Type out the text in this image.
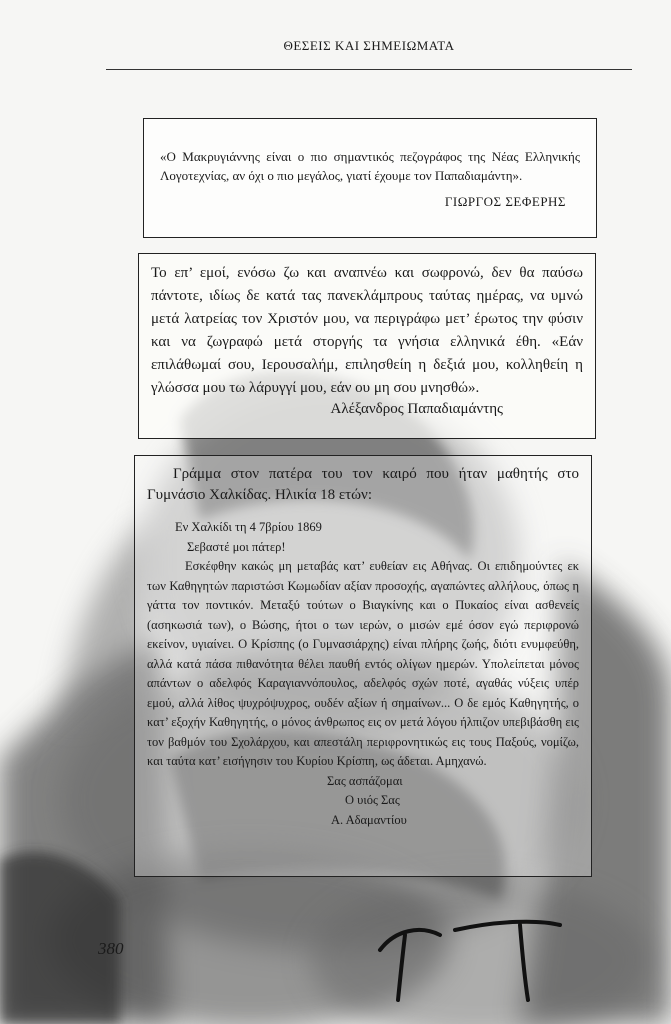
ΘΕΣΕΙΣ ΚΑΙ ΣΗΜΕΙΩΜΑΤΑ
«Ο Μακρυγιάννης είναι ο πιο σημαντικός πεζογράφος της Νέας Ελληνικής Λογοτεχνίας, αν όχι ο πιο μεγάλος, γιατί έχουμε τον Παπαδιαμάντη».
ΓΙΩΡΓΟΣ ΣΕΦΕΡΗΣ
Το επ’ εμοί, ενόσω ζω και αναπνέω και σωφρονώ, δεν θα παύσω πάντοτε, ιδίως δε κατά τας πανεκλάμπρους ταύτας ημέρας, να υμνώ μετά λατρείας τον Χριστόν μου, να περιγράφω μετ’ έρωτος την φύσιν και να ζωγραφώ μετά στοργής τα γνήσια ελληνικά έθη. «Εάν επιλάθωμαί σου, Ιερουσαλήμ, επιλησθείη η δεξιά μου, κολληθείη η γλώσσα μου τω λάρυγγί μου, εάν ου μη σου μνησθώ».
Αλέξανδρος Παπαδιαμάντης
Γράμμα στον πατέρα του τον καιρό που ήταν μαθητής στο Γυμνάσιο Χαλκίδας. Ηλικία 18 ετών:
Εν Χαλκίδι τη 4 7βρίου 1869
Σεβαστέ μοι πάτερ!
Εσκέφθην κακώς μη μεταβάς κατ’ ευθείαν εις Αθήνας. Οι επιδημούντες εκ των Καθηγητών παριστώσι Κωμωδίαν αξίαν προσοχής, αγαπώντες αλλήλους, όπως η γάττα τον ποντικόν. Μεταξύ τούτων ο Βιαγκίνης και ο Πυκαίος είναι ασθενείς (ασηκωσιά των), ο Βώσης, ήτοι ο των ιερών, ο μισών εμέ όσον εγώ περιφρονώ εκείνον, υγιαίνει. Ο Κρίσπης (ο Γυμνασιάρχης) είναι πλήρης ζωής, διότι ενυμφεύθη, αλλά κατά πάσα πιθανότητα θέλει παυθή εντός ολίγων ημερών. Υπολείπεται μόνος απάντων ο αδελφός Καραγιαννόπουλος, αδελφός σχών ποτέ, αγαθάς νύξεις υπέρ εμού, αλλά λίθος ψυχρόψυχρος, ουδέν αξίων ή σημαίνων... Ο δε εμός Καθηγητής, ο κατ’ εξοχήν Καθηγητής, ο μόνος άνθρωπος εις ον μετά λόγου ήλπιζον υπεβιβάσθη εις τον βαθμόν του Σχολάρχου, και απεστάλη περιφρονητικώς εις τους Παξούς, νομίζω, και ταύτα κατ’ εισήγησιν του Κυρίου Κρίσπη, ως άδεται. Αμηχανώ.
Σας ασπάζομαι
Ο υιός Σας
Α. Αδαμαντίου
380
